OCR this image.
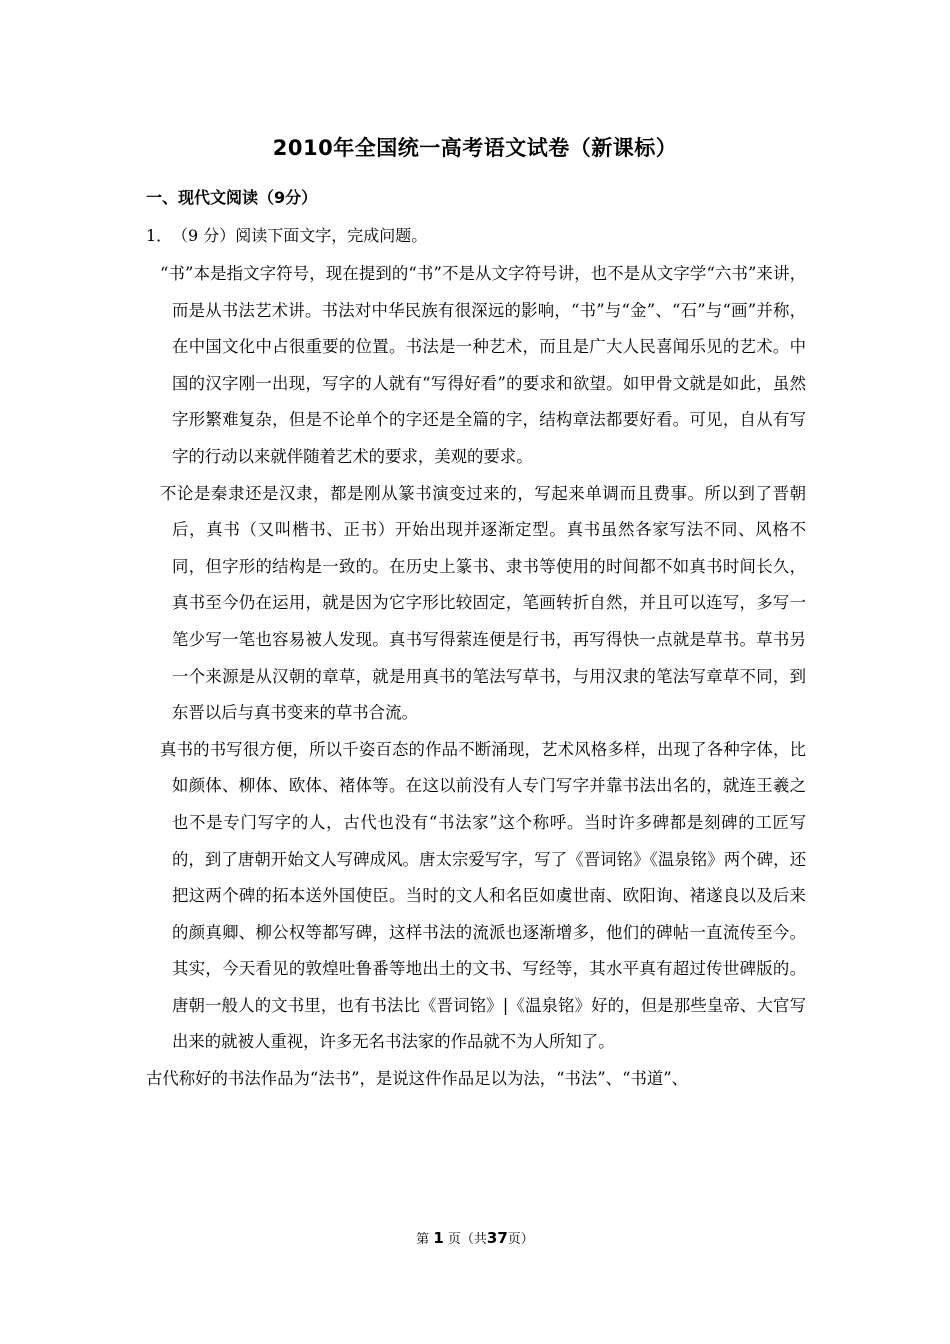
2010年全国统一高考语文试卷（新课标）
一、现代文阅读（9分）
1．（9 分）阅读下面文字，完成问题。

“书”本是指文字符号，现在提到的“书”不是从文字符号讲，也不是从文字学“六书”来讲，而是从书法艺术讲。书法对中华民族有很深远的影响，“书”与“金”、“石”与“画”并称，在中国文化中占很重要的位置。书法是一种艺术，而且是广大人民喜闻乐见的艺术。中国的汉字刚一出现，写字的人就有“写得好看”的要求和欲望。如甲骨文就是如此，虽然字形繁难复杂，但是不论单个的字还是全篇的字，结构章法都要好看。可见，自从有写字的行动以来就伴随着艺术的要求，美观的要求。

不论是秦隶还是汉隶，都是刚从篆书演变过来的，写起来单调而且费事。所以到了晋朝后，真书（又叫楷书、正书）开始出现并逐渐定型。真书虽然各家写法不同、风格不同，但字形的结构是一致的。在历史上篆书、隶书等使用的时间都不如真书时间长久，真书至今仍在运用，就是因为它字形比较固定，笔画转折自然，并且可以连写，多写一笔少写一笔也容易被人发现。真书写得萦连便是行书，再写得快一点就是草书。草书另一个来源是从汉朝的章草，就是用真书的笔法写草书，与用汉隶的笔法写章草不同，到东晋以后与真书变来的草书合流。

真书的书写很方便，所以千姿百态的作品不断涌现，艺术风格多样，出现了各种字体，比如颜体、柳体、欧体、褚体等。在这以前没有人专门写字并靠书法出名的，就连王羲之也不是专门写字的人，古代也没有“书法家”这个称呼。当时许多碑都是刻碑的工匠写的，到了唐朝开始文人写碑成风。唐太宗爱写字，写了《晋词铭》《温泉铭》两个碑，还把这两个碑的拓本送外国使臣。当时的文人和名臣如虞世南、欧阳询、褚遂良以及后来的颜真卿、柳公权等都写碑，这样书法的流派也逐渐增多，他们的碑帖一直流传至今。其实，今天看见的敦煌吐鲁番等地出土的文书、写经等，其水平真有超过传世碑版的。唐朝一般人的文书里，也有书法比《晋词铭》|《温泉铭》好的，但是那些皇帝、大官写出来的就被人重视，许多无名书法家的作品就不为人所知了。

古代称好的书法作品为“法书”，是说这件作品足以为法，“书法”、“书道”、

第 1 页（共37页）
